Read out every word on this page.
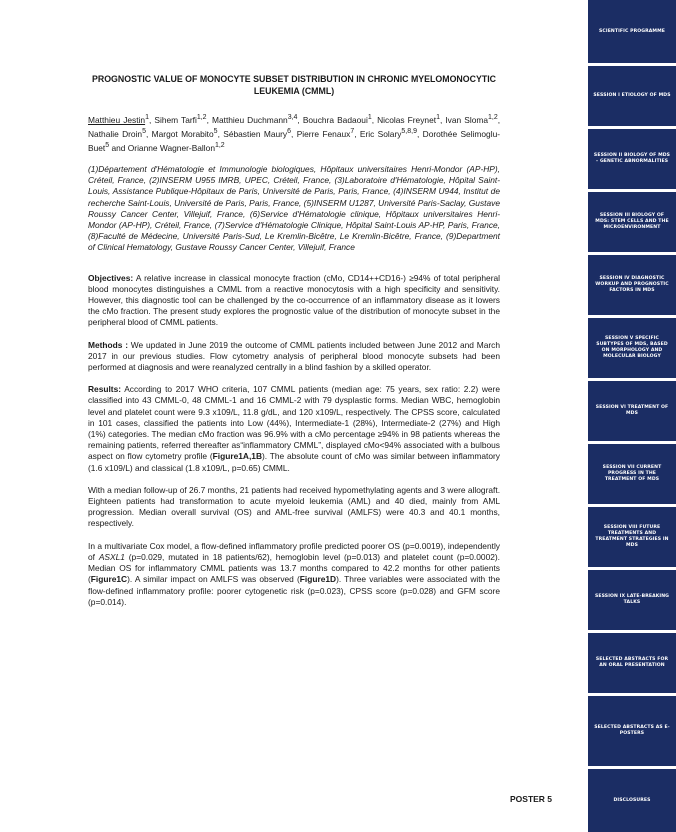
PROGNOSTIC VALUE OF MONOCYTE SUBSET DISTRIBUTION IN CHRONIC MYELOMONOCYTIC LEUKEMIA (CMML)
Matthieu Jestin$^1$, Sihem Tarfi$^{1,2}$, Matthieu Duchmann$^{3,4}$, Bouchra Badaoui$^1$, Nicolas Freynet$^1$, Ivan Sloma$^{1,2}$, Nathalie Droin$^5$, Margot Morabito$^5$, Sébastien Maury$^6$, Pierre Fenaux$^7$, Eric Solary$^{5,8,9}$, Dorothée Selimoglu-Buet$^5$ and Orianne Wagner-Ballon$^{1,2}$
(1)Département d'Hématologie et Immunologie biologiques, Hôpitaux universitaires Henri-Mondor (AP-HP), Créteil, France, (2)INSERM U955 IMRB, UPEC, Créteil, France, (3)Laboratoire d'Hématologie, Hôpital Saint-Louis, Assistance Publique-Hôpitaux de Paris, Université de Paris, Paris, France, (4)INSERM U944, Institut de recherche Saint-Louis, Université de Paris, Paris, France, (5)INSERM U1287, Université Paris-Saclay, Gustave Roussy Cancer Center, Villejuif, France, (6)Service d'Hématologie clinique, Hôpitaux universitaires Henri-Mondor (AP-HP), Créteil, France, (7)Service d'Hématologie Clinique, Hôpital Saint-Louis AP-HP, Paris, France, (8)Faculté de Médecine, Université Paris-Sud, Le Kremlin-Bicêtre, Le Kremlin-Bicêtre, France, (9)Department of Clinical Hematology, Gustave Roussy Cancer Center, Villejuif, France

Objectives: A relative increase in classical monocyte fraction (cMo, CD14++CD16-) ≥94% of total peripheral blood monocytes distinguishes a CMML from a reactive monocytosis with a high specificity and sensitivity. However, this diagnostic tool can be challenged by the co-occurrence of an inflammatory disease as it lowers the cMo fraction. The present study explores the prognostic value of the distribution of monocyte subset in the peripheral blood of CMML patients.

Methods : We updated in June 2019 the outcome of CMML patients included between June 2012 and March 2017 in our previous studies. Flow cytometry analysis of peripheral blood monocyte subsets had been performed at diagnosis and were reanalyzed centrally in a blind fashion by a skilled operator.

Results: According to 2017 WHO criteria, 107 CMML patients (median age: 75 years, sex ratio: 2.2) were classified into 43 CMML-0, 48 CMML-1 and 16 CMML-2 with 79 dysplastic forms. Median WBC, hemoglobin level and platelet count were 9.3 x109/L, 11.8 g/dL, and 120 x109/L, respectively. The CPSS score, calculated in 101 cases, classified the patients into Low (44%), Intermediate-1 (28%), Intermediate-2 (27%) and High (1%) categories. The median cMo fraction was 96.9% with a cMo percentage ≥94% in 98 patients whereas the remaining patients, referred thereafter as“inflammatory CMML”, displayed cMo<94% associated with a bulbous aspect on flow cytometry profile (Figure1A,1B). The absolute count of cMo was similar between inflammatory (1.6 x109/L) and classical (1.8 x109/L, p=0.65) CMML.

With a median follow-up of 26.7 months, 21 patients had received hypomethylating agents and 3 were allograft. Eighteen patients had transformation to acute myeloid leukemia (AML) and 40 died, mainly from AML progression. Median overall survival (OS) and AML-free survival (AMLFS) were 40.3 and 40.1 months, respectively.

In a multivariate Cox model, a flow-defined inflammatory profile predicted poorer OS (p=0.0019), independently of ASXL1 (p=0.029, mutated in 18 patients/62), hemoglobin level (p=0.013) and platelet count (p=0.0002). Median OS for inflammatory CMML patients was 13.7 months compared to 42.2 months for other patients (Figure1C). A similar impact on AMLFS was observed (Figure1D). Three variables were associated with the flow-defined inflammatory profile: poorer cytogenetic risk (p=0.023), CPSS score (p=0.028) and GFM score (p=0.014).

POSTER 5
SCIENTIFIC PROGRAMME
SESSION I ETIOLOGY OF MDS
SESSION II BIOLOGY OF MDS – GENETIC ABNORMALITIES
SESSION III BIOLOGY OF MDS: STEM CELLS AND THE MICROENVIRONMENT
SESSION IV DIAGNOSTIC WORKUP AND PROGNOSTIC FACTORS IN MDS
SESSION V SPECIFIC SUBTYPES OF MDS, BASED ON MORPHOLOGY AND MOLECULAR BIOLOGY
SESSION VI TREATMENT OF MDS
SESSION VII CURRENT PROGRESS IN THE TREATMENT OF MDS
SESSION VIII FUTURE TREATMENTS AND TREATMENT STRATEGIES IN MDS
SESSION IX LATE-BREAKING TALKS
SELECTED ABSTRACTS FOR AN ORAL PRESENTATION
SELECTED ABSTRACTS AS E-POSTERS
DISCLOSURES
